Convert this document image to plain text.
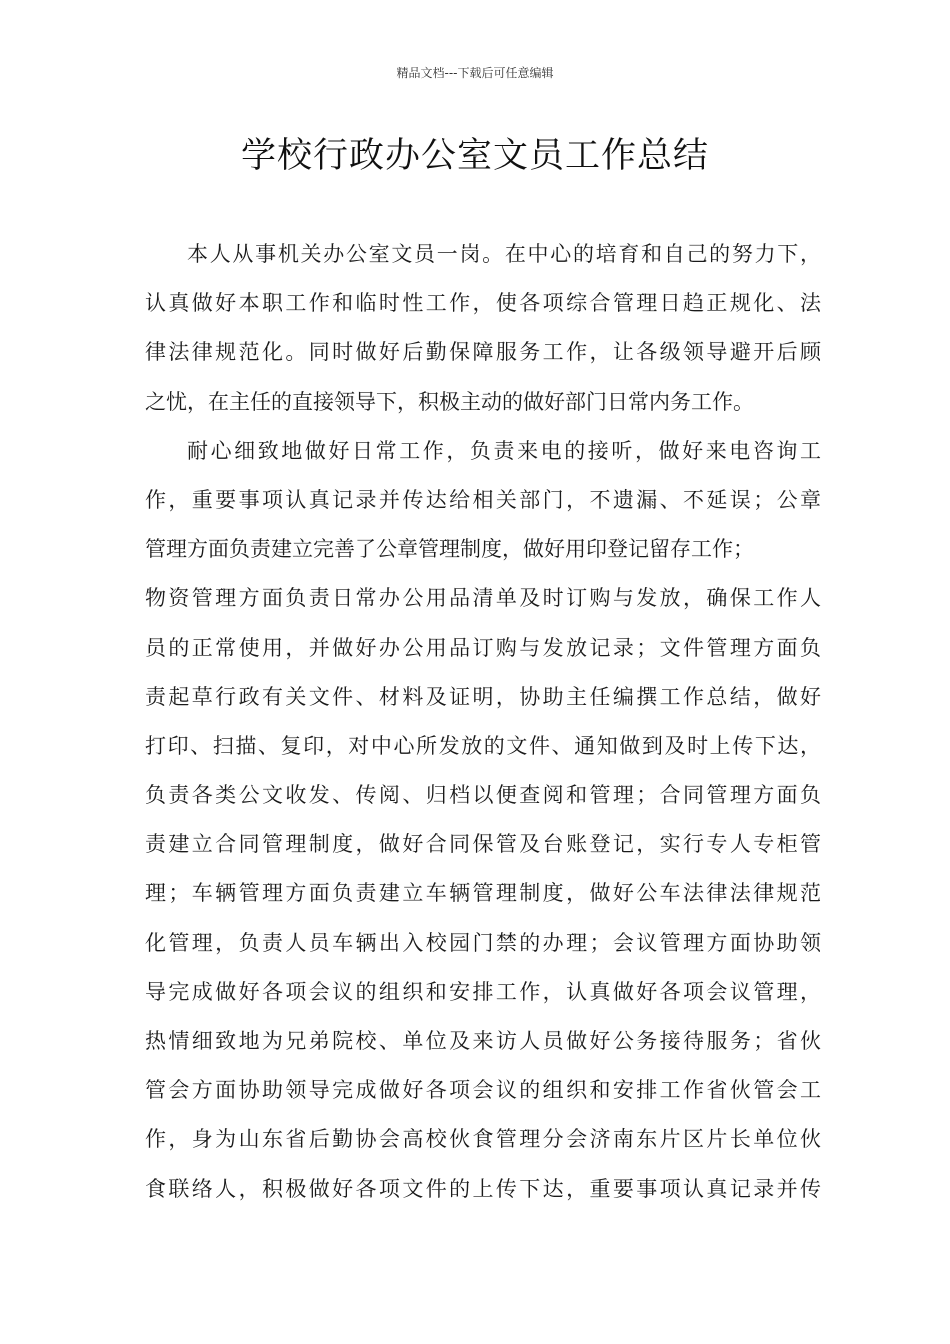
精品文档---下载后可任意编辑
学校行政办公室文员工作总结
本人从事机关办公室文员一岗。在中心的培育和自己的努力下，
认真做好本职工作和临时性工作，使各项综合管理日趋正规化、法
律法律规范化。同时做好后勤保障服务工作，让各级领导避开后顾
之忧，在主任的直接领导下，积极主动的做好部门日常内务工作。
耐心细致地做好日常工作，负责来电的接听，做好来电咨询工
作，重要事项认真记录并传达给相关部门，不遗漏、不延误；公章
管理方面负责建立完善了公章管理制度，做好用印登记留存工作；
物资管理方面负责日常办公用品清单及时订购与发放，确保工作人
员的正常使用，并做好办公用品订购与发放记录；文件管理方面负
责起草行政有关文件、材料及证明，协助主任编撰工作总结，做好
打印、扫描、复印，对中心所发放的文件、通知做到及时上传下达，
负责各类公文收发、传阅、归档以便查阅和管理；合同管理方面负
责建立合同管理制度，做好合同保管及台账登记，实行专人专柜管
理；车辆管理方面负责建立车辆管理制度，做好公车法律法律规范
化管理，负责人员车辆出入校园门禁的办理；会议管理方面协助领
导完成做好各项会议的组织和安排工作，认真做好各项会议管理，
热情细致地为兄弟院校、单位及来访人员做好公务接待服务；省伙
管会方面协助领导完成做好各项会议的组织和安排工作省伙管会工
作，身为山东省后勤协会高校伙食管理分会济南东片区片长单位伙
食联络人，积极做好各项文件的上传下达，重要事项认真记录并传
